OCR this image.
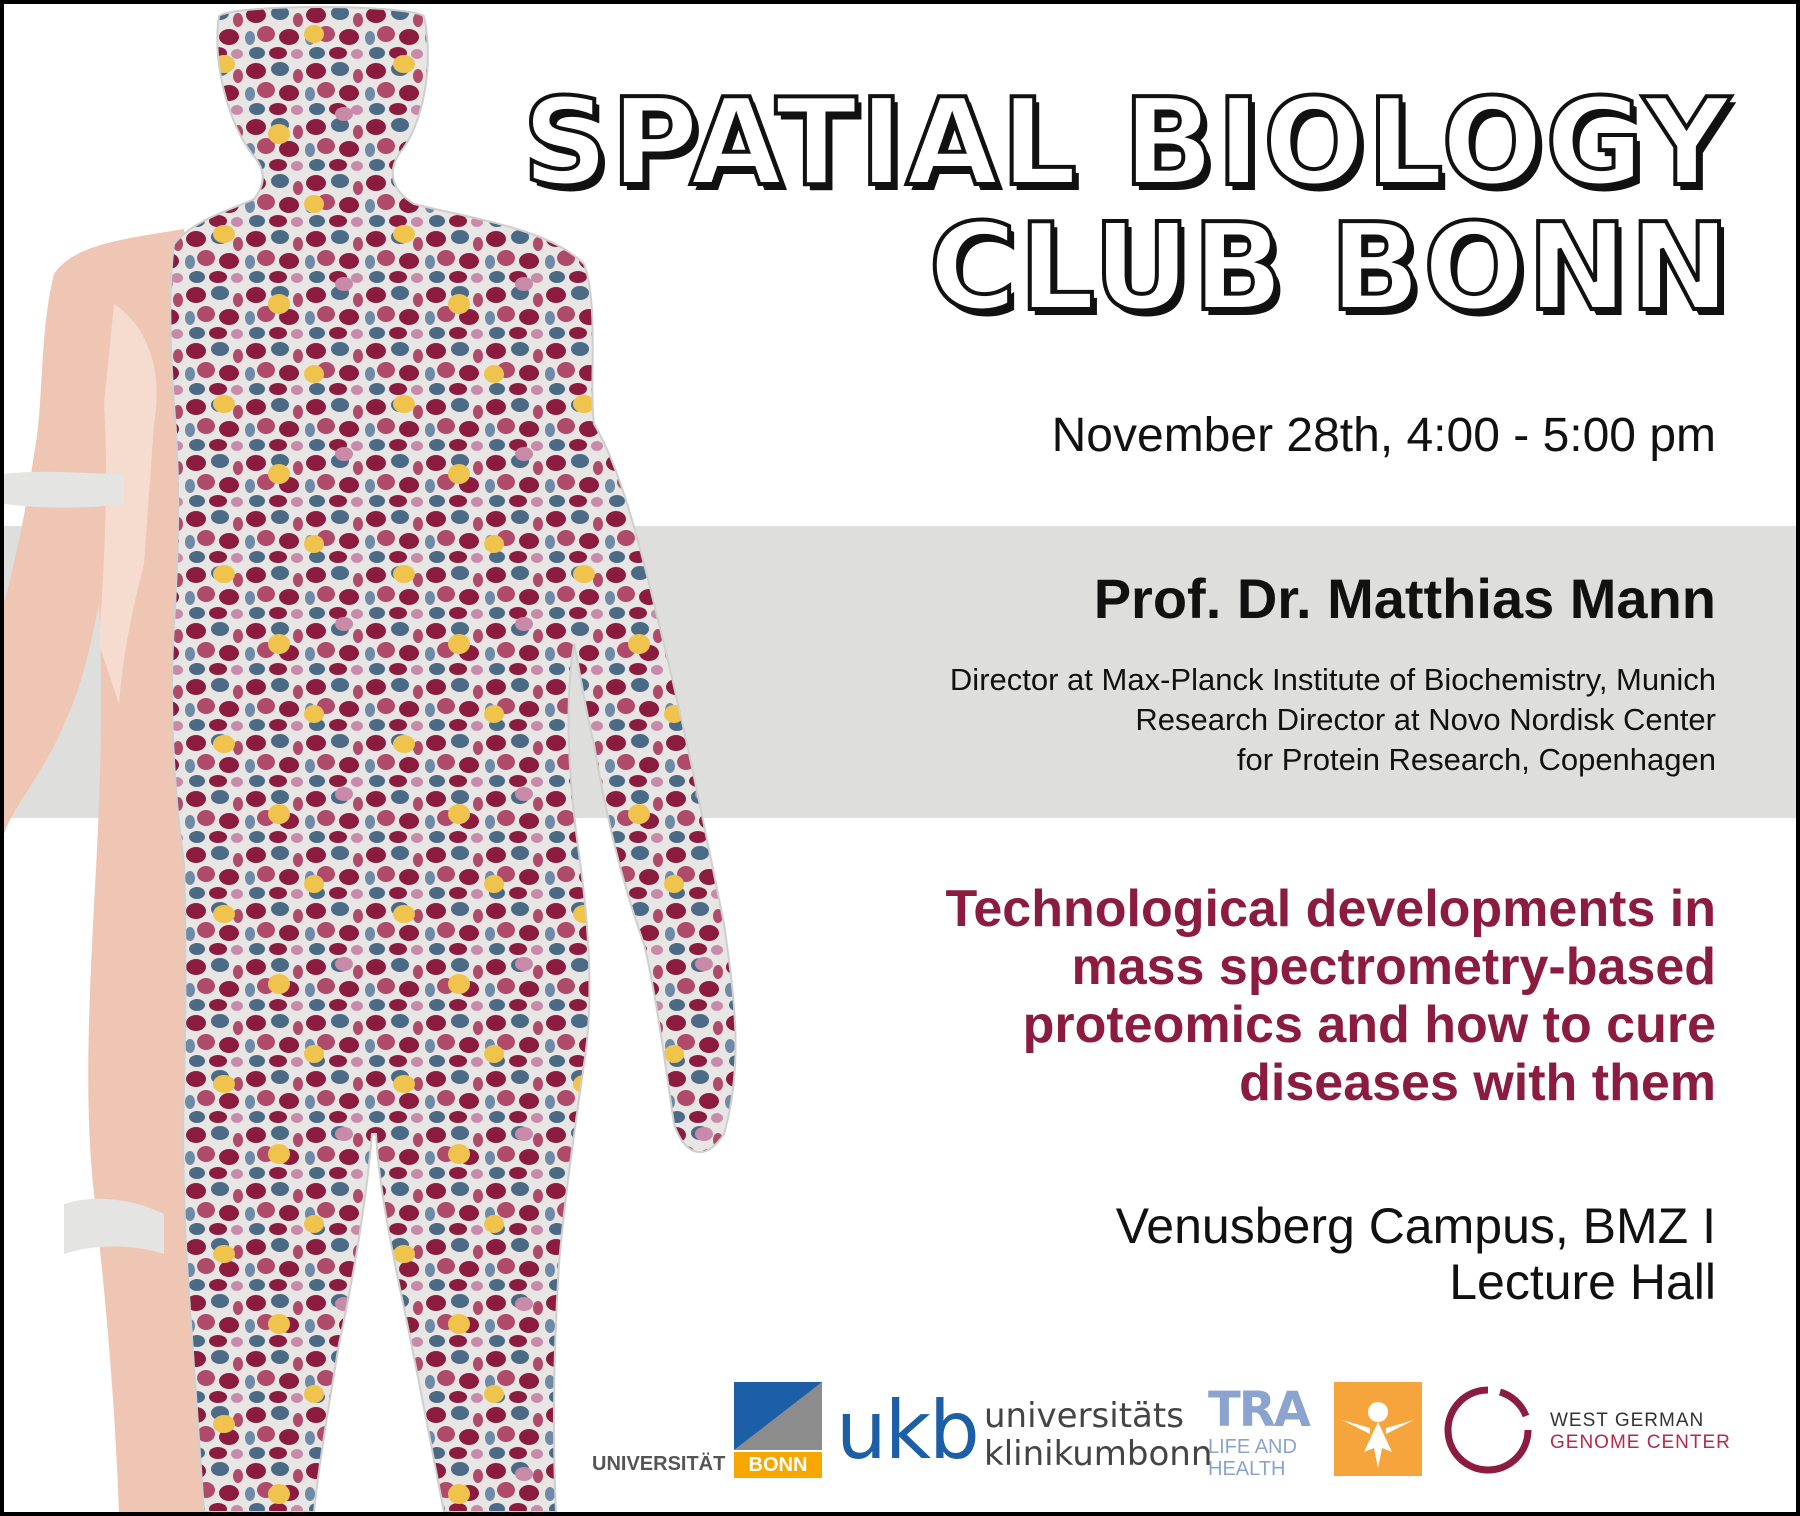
SPATIAL BIOLOGY
CLUB BONN

November 28th, 4:00 - 5:00 pm

Prof. Dr. Matthias Mann

Director at Max-Planck Institute of Biochemistry, Munich

Research Director at Novo Nordisk Center

for Protein Research, Copenhagen

Technological developments in

mass spectrometry-based

proteomics and how to cure

diseases with them

Venusberg Campus, BMZ I

Lecture Hall

UNIVERSITÄT	BONN ukb universitäts
klinikumbonn
TRA
LIFE AND
HEALTH
WEST GERMAN
GENOME CENTER
